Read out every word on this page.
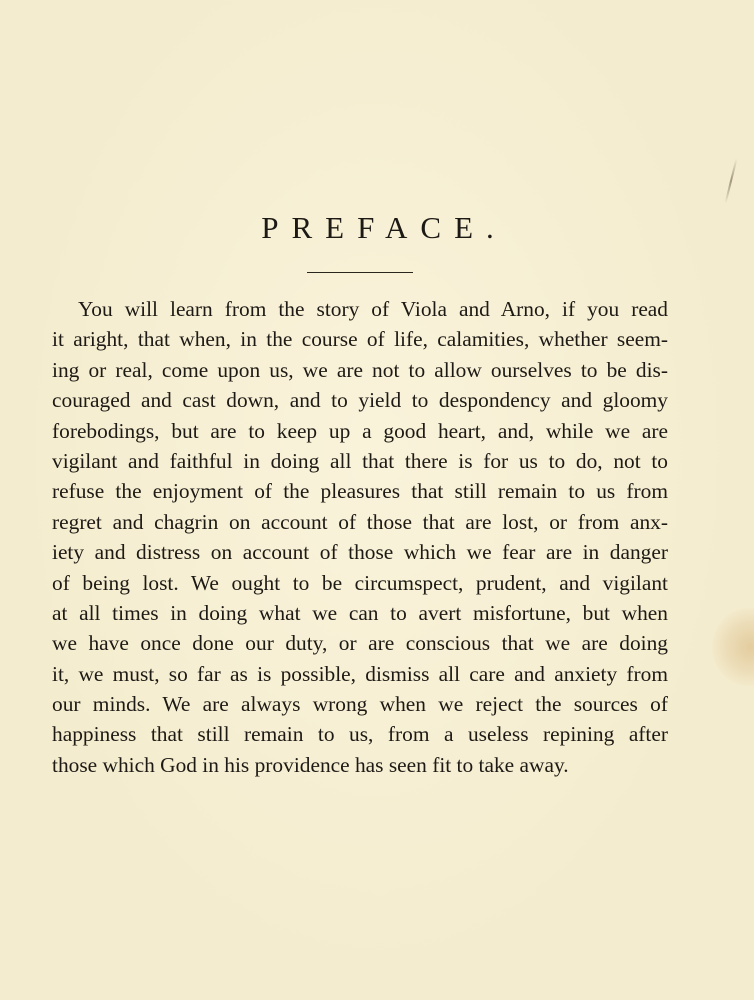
PREFACE.
You will learn from the story of Viola and Arno, if you read
it aright, that when, in the course of life, calamities, whether seem-
ing or real, come upon us, we are not to allow ourselves to be dis-
couraged and cast down, and to yield to despondency and gloomy
forebodings, but are to keep up a good heart, and, while we are
vigilant and faithful in doing all that there is for us to do, not to
refuse the enjoyment of the pleasures that still remain to us from
regret and chagrin on account of those that are lost, or from anx-
iety and distress on account of those which we fear are in danger
of being lost. We ought to be circumspect, prudent, and vigilant
at all times in doing what we can to avert misfortune, but when
we have once done our duty, or are conscious that we are doing
it, we must, so far as is possible, dismiss all care and anxiety from
our minds. We are always wrong when we reject the sources of
happiness that still remain to us, from a useless repining after
those which God in his providence has seen fit to take away.
